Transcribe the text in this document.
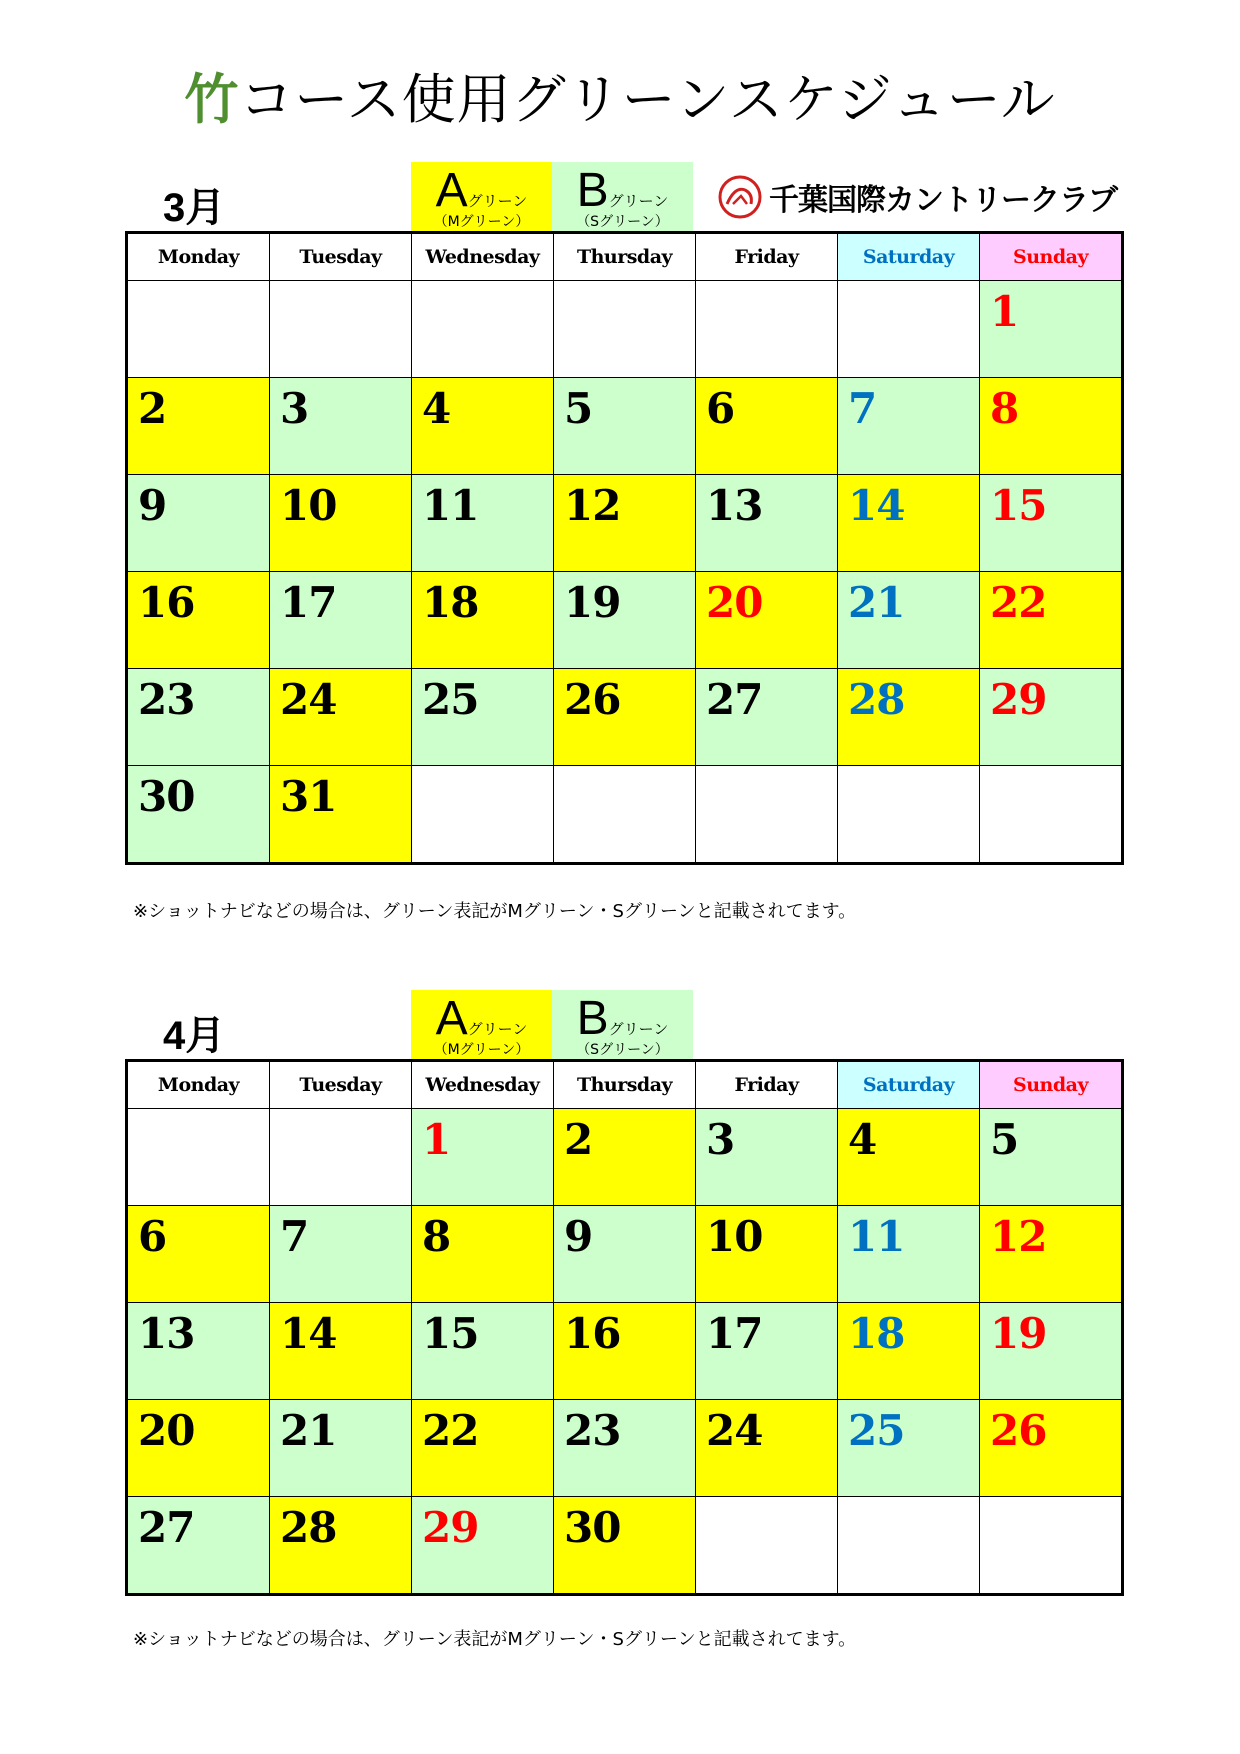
竹コース使用グリーンスケジュール
3月	Aグリーン
（Mグリーン）
Bグリーン
（Sグリーン）
千葉国際カントリークラブ
Monday	Tuesday	Wednesday	Thursday	Friday	Saturday	Sunday

						1

2	3	4	5	6	7	8

9	10	11	12	13	14	15

16	17	18	19	20	21	22

23	24	25	26	27	28	29

30	31					

※ショットナビなどの場合は、グリーン表記がMグリーン・Sグリーンと記載されてます。
4月	Aグリーン
（Mグリーン）
Bグリーン
（Sグリーン）
Monday	Tuesday	Wednesday	Thursday	Friday	Saturday	Sunday

		1	2	3	4	5

6	7	8	9	10	11	12

13	14	15	16	17	18	19

20	21	22	23	24	25	26

27	28	29	30			

※ショットナビなどの場合は、グリーン表記がMグリーン・Sグリーンと記載されてます。
